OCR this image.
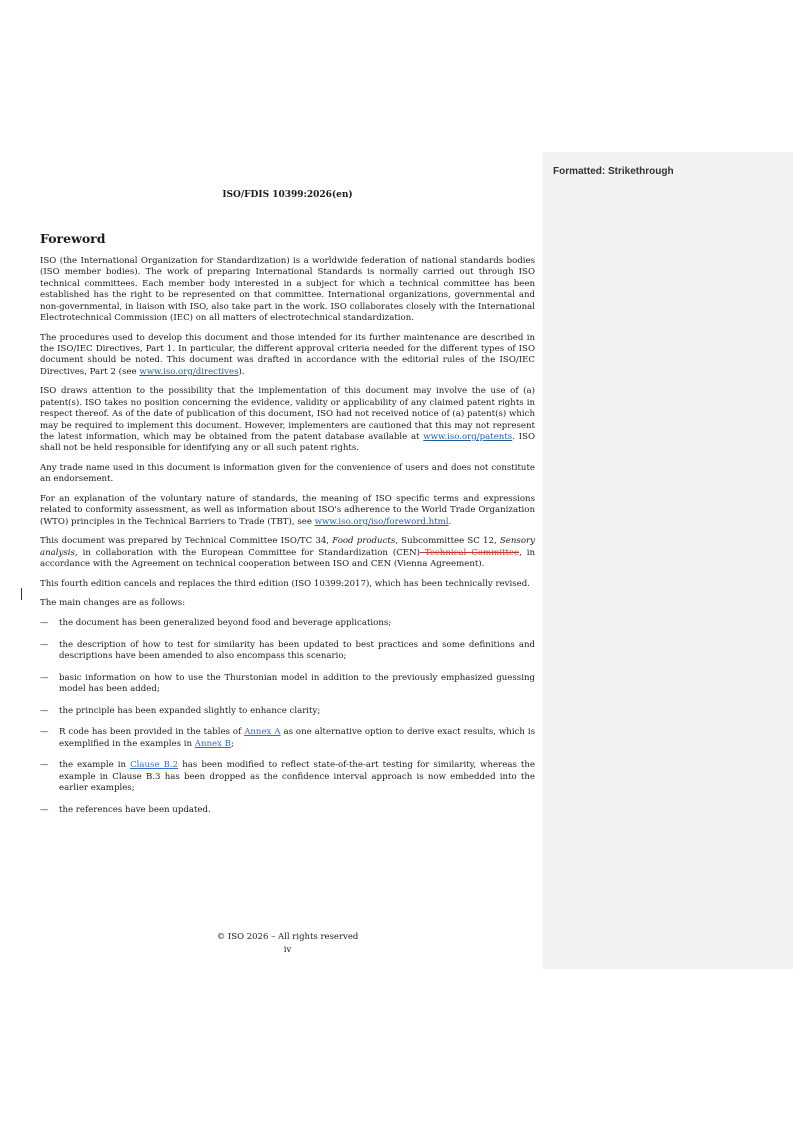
ISO/FDIS 10399:2026(en)
Foreword

ISO (the International Organization for Standardization) is a worldwide federation of national standards bodies (ISO member bodies). The work of preparing International Standards is normally carried out through ISO technical committees. Each member body interested in a subject for which a technical committee has been established has the right to be represented on that committee. International organizations, governmental and non-governmental, in liaison with ISO, also take part in the work. ISO collaborates closely with the International Electrotechnical Commission (IEC) on all matters of electrotechnical standardization.

The procedures used to develop this document and those intended for its further maintenance are described in the ISO/IEC Directives, Part 1. In particular, the different approval criteria needed for the different types of ISO document should be noted. This document was drafted in accordance with the editorial rules of the ISO/IEC Directives, Part 2 (see www.iso.org/directives).

ISO draws attention to the possibility that the implementation of this document may involve the use of (a) patent(s). ISO takes no position concerning the evidence, validity or applicability of any claimed patent rights in respect thereof. As of the date of publication of this document, ISO had not received notice of (a) patent(s) which may be required to implement this document. However, implementers are cautioned that this may not represent the latest information, which may be obtained from the patent database available at www.iso.org/patents. ISO shall not be held responsible for identifying any or all such patent rights.

Any trade name used in this document is information given for the convenience of users and does not constitute an endorsement.

For an explanation of the voluntary nature of standards, the meaning of ISO specific terms and expressions related to conformity assessment, as well as information about ISO's adherence to the World Trade Organization (WTO) principles in the Technical Barriers to Trade (TBT), see www.iso.org/iso/foreword.html.

This document was prepared by Technical Committee ISO/TC 34, Food products, Subcommittee SC 12, Sensory analysis, in collaboration with the European Committee for Standardization (CEN) Technical Committee, in accordance with the Agreement on technical cooperation between ISO and CEN (Vienna Agreement).

This fourth edition cancels and replaces the third edition (ISO 10399:2017), which has been technically revised.

The main changes are as follows:

— the document has been generalized beyond food and beverage applications;
— the description of how to test for similarity has been updated to best practices and some definitions and descriptions have been amended to also encompass this scenario;
— basic information on how to use the Thurstonian model in addition to the previously emphasized guessing model has been added;
— the principle has been expanded slightly to enhance clarity;
— R code has been provided in the tables of Annex A as one alternative option to derive exact results, which is exemplified in the examples in Annex B;
— the example in Clause B.2 has been modified to reflect state-of-the-art testing for similarity, whereas the example in Clause B.3 has been dropped as the confidence interval approach is now embedded into the earlier examples;
— the references have been updated.
© ISO 2026 – All rights reserved
iv
Formatted: Strikethrough
